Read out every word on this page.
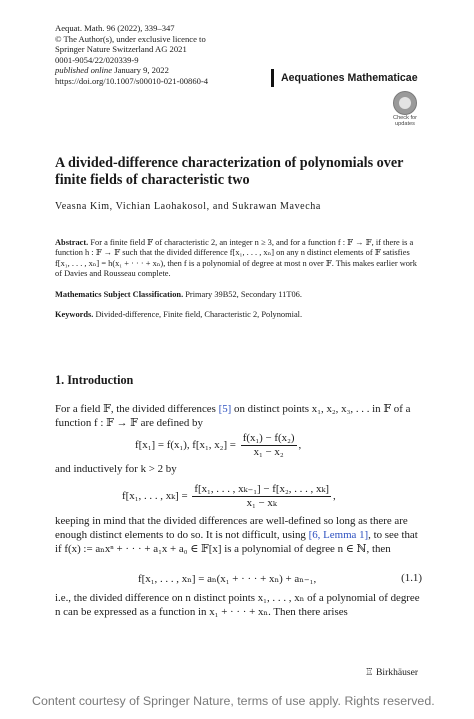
Aequat. Math. 96 (2022), 339–347
© The Author(s), under exclusive licence to
Springer Nature Switzerland AG 2021
0001-9054/22/020339-9
published online January 9, 2022
https://doi.org/10.1007/s00010-021-00860-4	Aequationes Mathematicae
Check for
updates
A divided-difference characterization of polynomials over finite fields of characteristic two
Veasna Kim, Vichian Laohakosol, and Sukrawan Mavecha
Abstract. For a finite field 𝔽 of characteristic 2, an integer n ≥ 3, and for a function f : 𝔽 → 𝔽, if there is a function h : 𝔽 → 𝔽 such that the divided difference f[x₁, . . . , xₙ] on any n distinct elements of 𝔽 satisfies f[x₁, . . . , xₙ] = h(x₁ + · · · + xₙ), then f is a polynomial of degree at most n over 𝔽. This makes earlier work of Davies and Rousseau complete.
Mathematics Subject Classification. Primary 39B52, Secondary 11T06.
Keywords. Divided-difference, Finite field, Characteristic 2, Polynomial.
1. Introduction
For a field 𝔽, the divided differences [5] on distinct points x₁, x₂, x₃, . . . in 𝔽 of a function f : 𝔽 → 𝔽 are defined by
f[x₁] = f(x₁), f[x₁, $x_2] = \frac{\text{f(x₁) − f(x₂)}}{\text{x₁ − x₂}}$ ,
and inductively for k > 2 by
f[x₁, . . . , $x_k] = \frac{\text{f[x₁, . . . , xₖ₋₁] − f[x₂, . . . , xₖ]}}{\text{x₁ − xₖ}}$ ,
keeping in mind that the divided differences are well-defined so long as there are enough distinct elements to do so. It is not difficult, using [6, Lemma 1], to see that if f(x) := aₙxⁿ + · · · + a₁x + a₀ ∈ 𝔽[x] is a polynomial of degree n ∈ ℕ, then
f[x₁, . . . , xₙ] = aₙ(x₁ + · · · + xₙ) + aₙ₋₁,	(1.1)
i.e., the divided difference on n distinct points x₁, . . . , xₙ of a polynomial of degree n can be expressed as a function in x₁ + · · · + xₙ. Then there arises
♖ Birkhäuser
Content courtesy of Springer Nature, terms of use apply. Rights reserved.
